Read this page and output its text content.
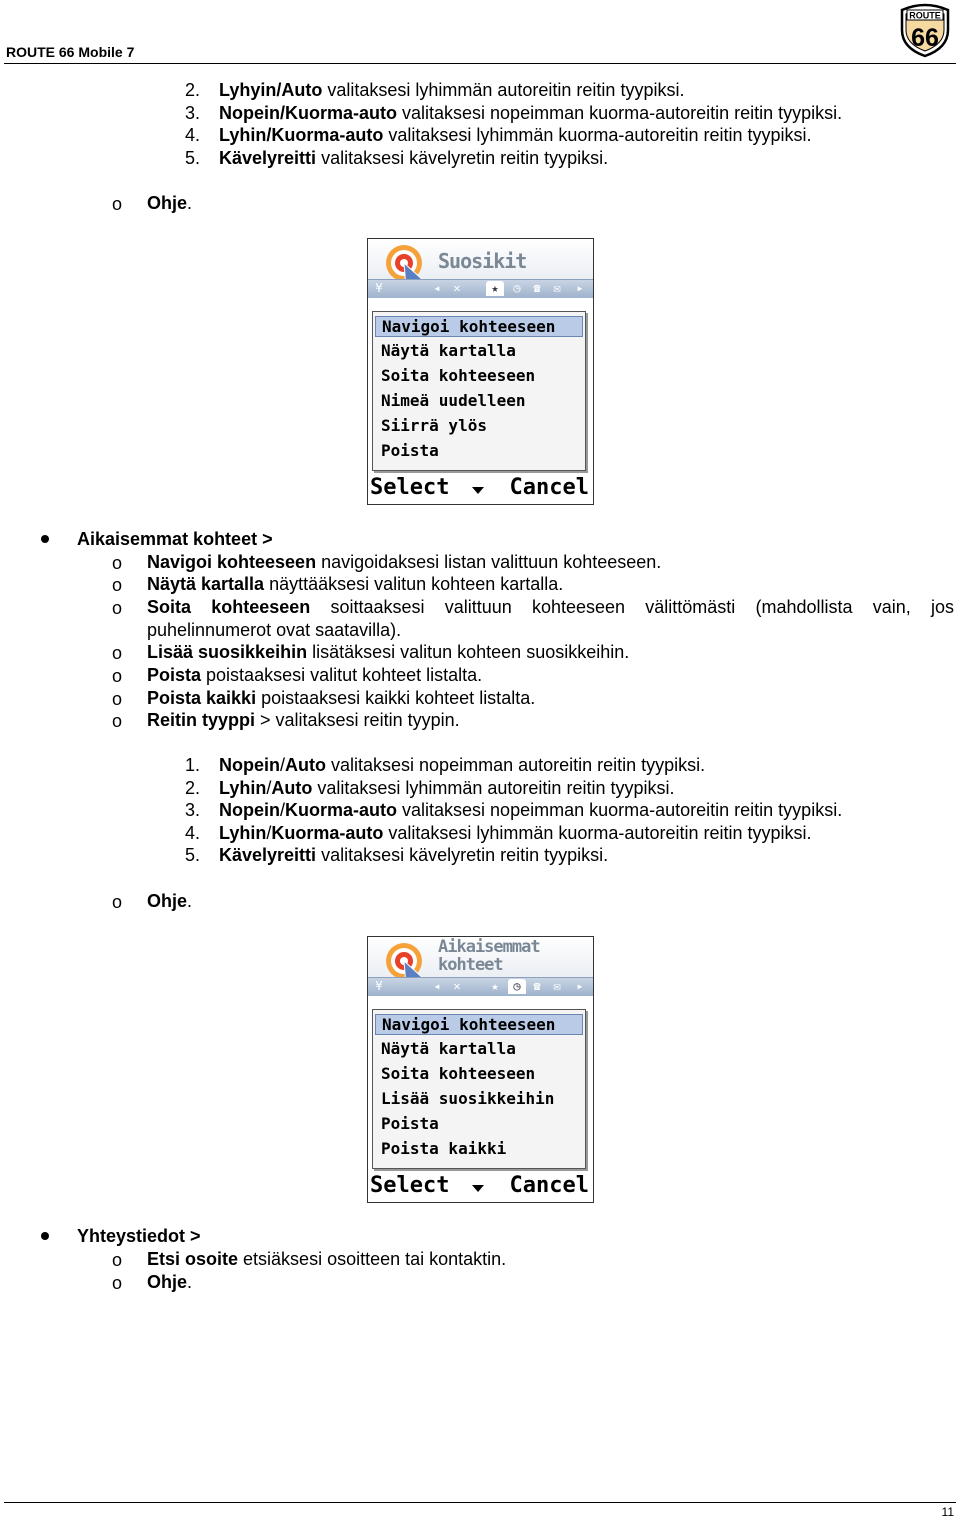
ROUTE 66 Mobile 7
ROUTE
66
2. Lyhyin/Auto valitaksesi lyhimmän autoreitin reitin tyypiksi.
3. Nopein/Kuorma-auto valitaksesi nopeimman kuorma-autoreitin reitin tyypiksi.
4. Lyhin/Kuorma-auto valitaksesi lyhimmän kuorma-autoreitin reitin tyypiksi.
5. Kävelyreitti valitaksesi kävelyretin reitin tyypiksi.
o Ohje.
Suosikit
¥	◂	✕	★	◷	☎	✉	▸
Navigoi kohteeseen
Näytä kartalla
Soita kohteeseen
Nimeä uudelleen
Siirrä ylös
Poista
Select	Cancel
Aikaisemmat kohteet >
o Navigoi kohteeseen navigoidaksesi listan valittuun kohteeseen.
o Näytä kartalla näyttääksesi valitun kohteen kartalla.
o Soita kohteeseen soittaaksesi valittuun kohteeseen välittömästi (mahdollista vain, jos
puhelinnumerot ovat saatavilla).
o Lisää suosikkeihin lisätäksesi valitun kohteen suosikkeihin.
o Poista poistaaksesi valitut kohteet listalta.
o Poista kaikki poistaaksesi kaikki kohteet listalta.
o Reitin tyyppi > valitaksesi reitin tyypin.
1. Nopein/Auto valitaksesi nopeimman autoreitin reitin tyypiksi.
2. Lyhin/Auto valitaksesi lyhimmän autoreitin reitin tyypiksi.
3. Nopein/Kuorma-auto valitaksesi nopeimman kuorma-autoreitin reitin tyypiksi.
4. Lyhin/Kuorma-auto valitaksesi lyhimmän kuorma-autoreitin reitin tyypiksi.
5. Kävelyreitti valitaksesi kävelyretin reitin tyypiksi.
o Ohje.
Aikaisemmat
kohteet
¥	◂	✕	★	◷	☎	✉	▸
Navigoi kohteeseen
Näytä kartalla
Soita kohteeseen
Lisää suosikkeihin
Poista
Poista kaikki
Select	Cancel
Yhteystiedot >
o Etsi osoite etsiäksesi osoitteen tai kontaktin.
o Ohje.
11
